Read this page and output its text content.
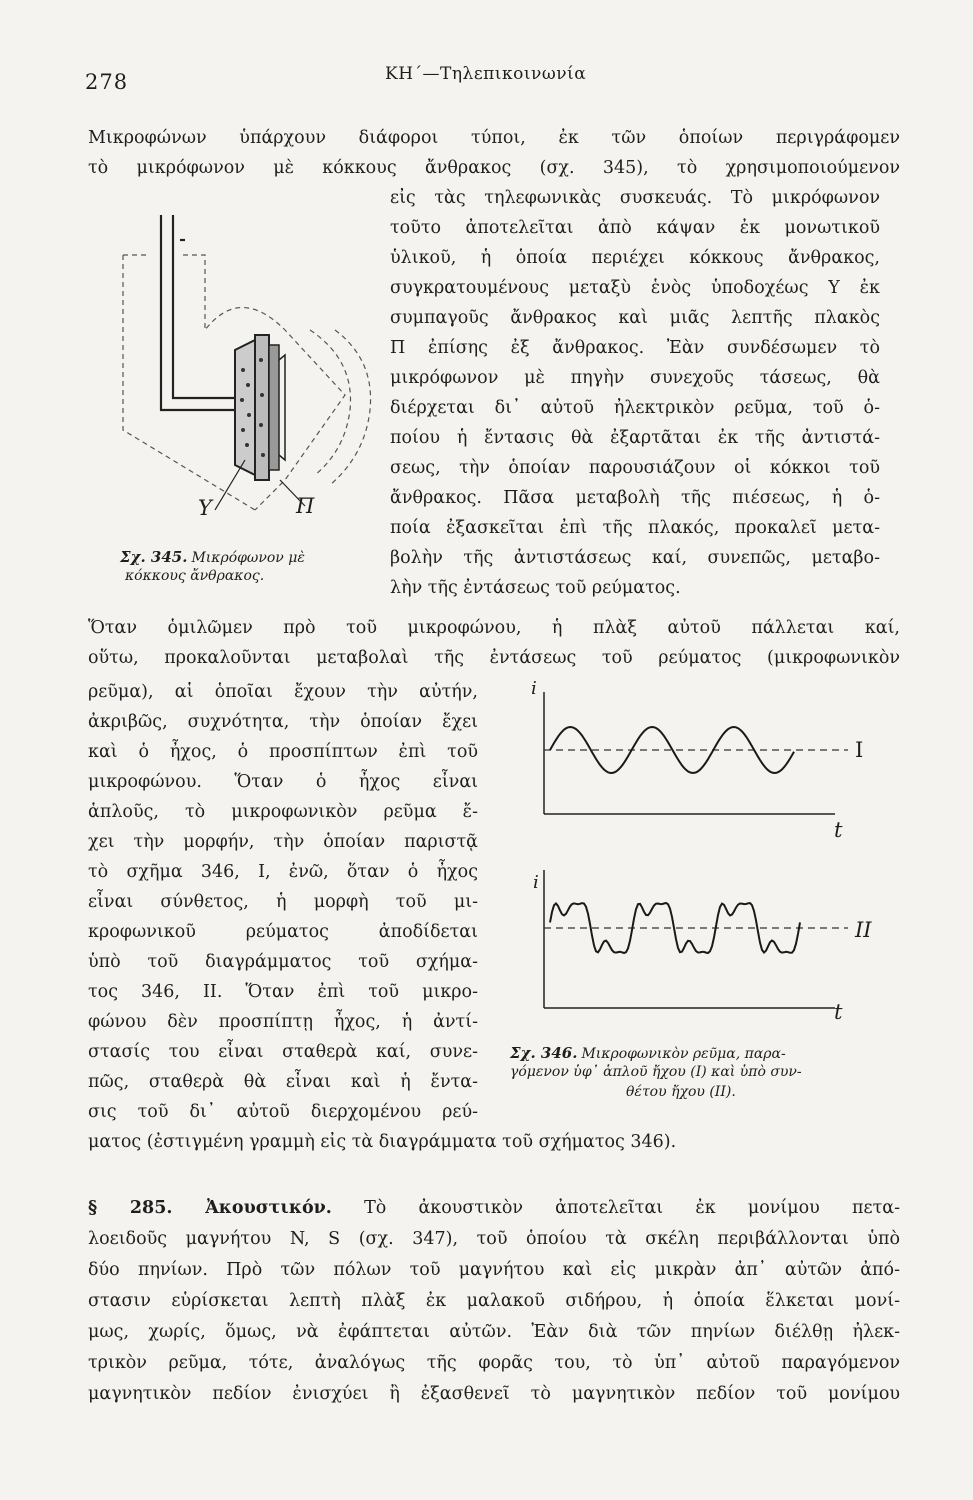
278	ΚΗ΄—Τηλεπικοινωνία
Μικροφώνων ὑπάρχουν διάφοροι τύποι, ἐκ τῶν ὁποίων περιγράφομεν
τὸ μικρόφωνον μὲ κόκκους ἄνθρακος (σχ. 345), τὸ χρησιμοποιούμενον
εἰς τὰς τηλεφωνικὰς συσκευάς. Τὸ μικρόφωνον
τοῦτο ἀποτελεῖται ἀπὸ κάψαν ἐκ μονωτικοῦ
ὑλικοῦ, ἡ ὁποία περιέχει κόκκους ἄνθρακος,
συγκρατουμένους μεταξὺ ἑνὸς ὑποδοχέως Υ ἐκ
συμπαγοῦς ἄνθρακος καὶ μιᾶς λεπτῆς πλακὸς
Π ἐπίσης ἐξ ἄνθρακος. Ἐὰν συνδέσωμεν τὸ
μικρόφωνον μὲ πηγὴν συνεχοῦς τάσεως, θὰ
διέρχεται δι᾽ αὐτοῦ ἠλεκτρικὸν ρεῦμα, τοῦ ὁ-
ποίου ἡ ἔντασις θὰ ἐξαρτᾶται ἐκ τῆς ἀντιστά-
σεως, τὴν ὁποίαν παρουσιάζουν οἱ κόκκοι τοῦ
ἄνθρακος. Πᾶσα μεταβολὴ τῆς πιέσεως, ἡ ὁ-
ποία ἐξασκεῖται ἐπὶ τῆς πλακός, προκαλεῖ μετα-
βολὴν τῆς ἀντιστάσεως καί, συνεπῶς, μεταβο-
λὴν τῆς ἐντάσεως τοῦ ρεύματος.
Υ	Π
Σχ. 345. Μικρόφωνον μὲ
κόκκους ἄνθρακος.
Ὅταν ὁμιλῶμεν πρὸ τοῦ μικροφώνου, ἡ πλὰξ αὐτοῦ πάλλεται καί,
οὕτω, προκαλοῦνται μεταβολαὶ τῆς ἐντάσεως τοῦ ρεύματος (μικροφωνικὸν
ρεῦμα), αἱ ὁποῖαι ἔχουν τὴν αὐτήν,
ἀκριβῶς, συχνότητα, τὴν ὁποίαν ἔχει
καὶ ὁ ἦχος, ὁ προσπίπτων ἐπὶ τοῦ
μικροφώνου. Ὅταν ὁ ἦχος εἶναι
ἁπλοῦς, τὸ μικροφωνικὸν ρεῦμα ἔ-
χει τὴν μορφήν, τὴν ὁποίαν παριστᾷ
τὸ σχῆμα 346, Ι, ἐνῶ, ὅταν ὁ ἦχος
εἶναι σύνθετος, ἡ μορφὴ τοῦ μι-
κροφωνικοῦ ρεύματος ἀποδίδεται
ὑπὸ τοῦ διαγράμματος τοῦ σχήμα-
τος 346, ΙΙ. Ὅταν ἐπὶ τοῦ μικρο-
φώνου δὲν προσπίπτῃ ἦχος, ἡ ἀντί-
στασίς του εἶναι σταθερὰ καί, συνε-
πῶς, σταθερὰ θὰ εἶναι καὶ ἡ ἔντα-
σις τοῦ δι᾽ αὐτοῦ διερχομένου ρεύ-
ματος (ἐστιγμένη γραμμὴ εἰς τὰ διαγράμματα τοῦ σχήματος 346).
i
t
I
i
t
II
Σχ. 346. Μικροφωνικὸν ρεῦμα, παρα-
γόμενον ὑφ᾽ ἁπλοῦ ἤχου (Ι) καὶ ὑπὸ συν-
θέτου ἤχου (ΙΙ).
§ 285. Ἀκουστικόν. Τὸ ἀκουστικὸν ἀποτελεῖται ἐκ μονίμου πετα-
λοειδοῦς μαγνήτου N, S (σχ. 347), τοῦ ὁποίου τὰ σκέλη περιβάλλονται ὑπὸ
δύο πηνίων. Πρὸ τῶν πόλων τοῦ μαγνήτου καὶ εἰς μικρὰν ἀπ᾽ αὐτῶν ἀπό-
στασιν εὑρίσκεται λεπτὴ πλὰξ ἐκ μαλακοῦ σιδήρου, ἡ ὁποία ἕλκεται μονί-
μως, χωρίς, ὅμως, νὰ ἐφάπτεται αὐτῶν. Ἐὰν διὰ τῶν πηνίων διέλθῃ ἠλεκ-
τρικὸν ρεῦμα, τότε, ἀναλόγως τῆς φορᾶς του, τὸ ὑπ᾽ αὐτοῦ παραγόμενον
μαγνητικὸν πεδίον ἐνισχύει ἢ ἐξασθενεῖ τὸ μαγνητικὸν πεδίον τοῦ μονίμου
